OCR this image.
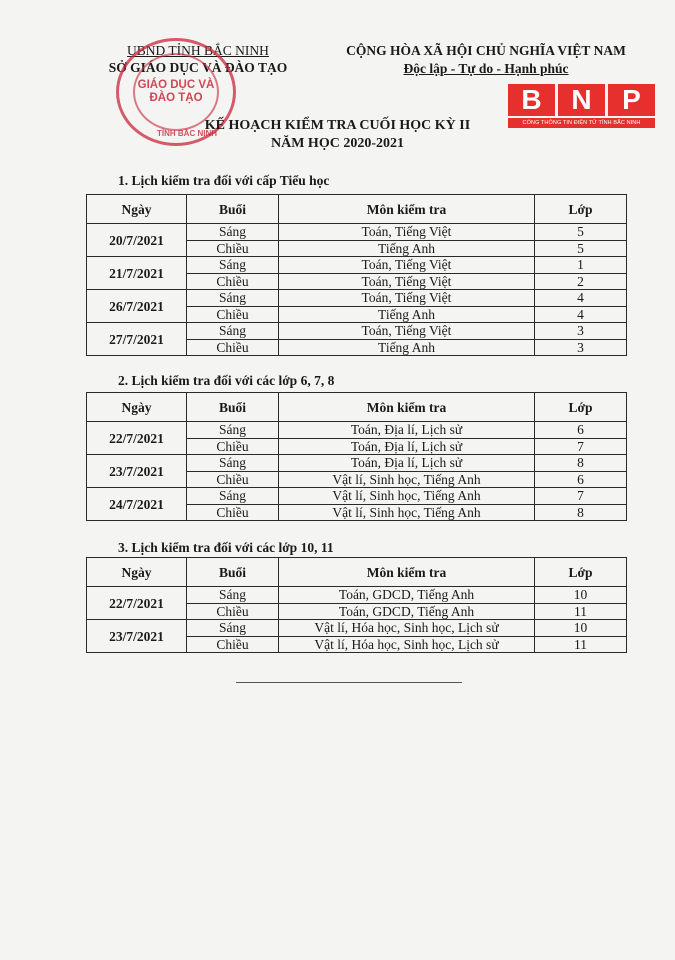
UBND TỈNH BẮC NINH
SỞ GIÁO DỤC VÀ ĐÀO TẠO
CỘNG HÒA XÃ HỘI CHỦ NGHĨA VIỆT NAM
Độc lập - Tự do - Hạnh phúc
GIÁO DỤC VÀ ĐÀO TẠO
TỈNH BẮC NINH
B	N	P
CỔNG THÔNG TIN ĐIỆN TỬ TỈNH BẮC NINH
KẾ HOẠCH KIỂM TRA CUỐI HỌC KỲ II
NĂM HỌC 2020-2021
1. Lịch kiểm tra đối với cấp Tiểu học
Ngày	Buổi	Môn kiểm tra	Lớp
20/7/2021	Sáng	Toán, Tiếng Việt	5
	Chiều	Tiếng Anh	5
21/7/2021	Sáng	Toán, Tiếng Việt	1
	Chiều	Toán, Tiếng Việt	2
26/7/2021	Sáng	Toán, Tiếng Việt	4
	Chiều	Tiếng Anh	4
27/7/2021	Sáng	Toán, Tiếng Việt	3
	Chiều	Tiếng Anh	3
2. Lịch kiểm tra đối với các lớp 6, 7, 8
Ngày	Buổi	Môn kiểm tra	Lớp
22/7/2021	Sáng	Toán, Địa lí, Lịch sử	6
	Chiều	Toán, Địa lí, Lịch sử	7
23/7/2021	Sáng	Toán, Địa lí, Lịch sử	8
	Chiều	Vật lí, Sinh học, Tiếng Anh	6
24/7/2021	Sáng	Vật lí, Sinh học, Tiếng Anh	7
	Chiều	Vật lí, Sinh học, Tiếng Anh	8
3. Lịch kiểm tra đối với các lớp 10, 11
Ngày	Buổi	Môn kiểm tra	Lớp
22/7/2021	Sáng	Toán, GDCD, Tiếng Anh	10
	Chiều	Toán, GDCD, Tiếng Anh	11
23/7/2021	Sáng	Vật lí, Hóa học, Sinh học, Lịch sử	10
	Chiều	Vật lí, Hóa học, Sinh học, Lịch sử	11
